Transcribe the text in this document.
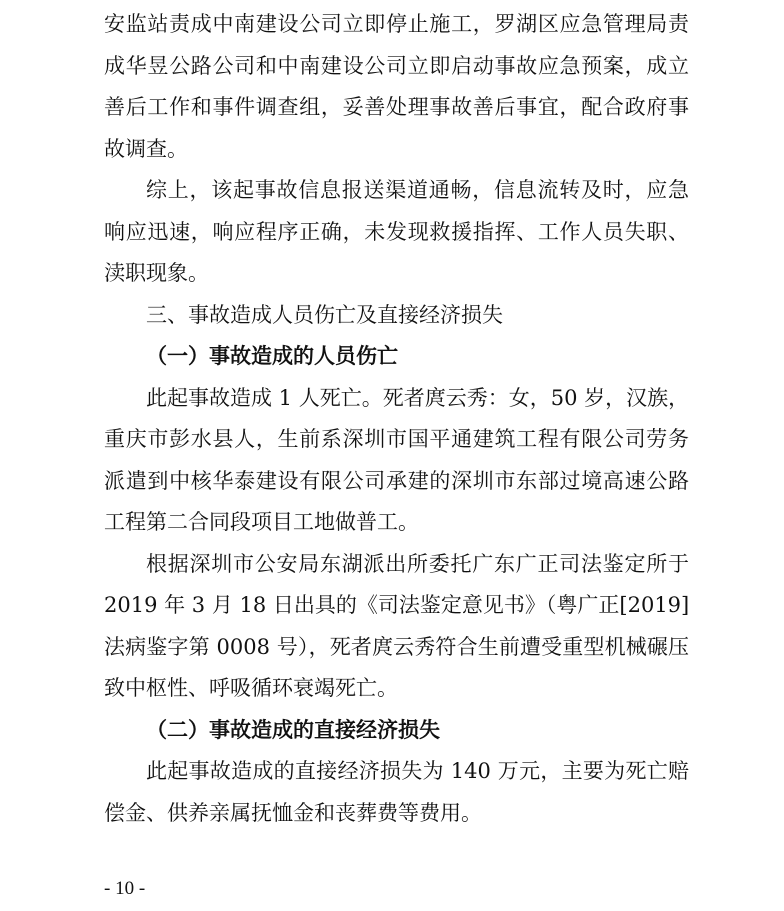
安监站责成中南建设公司立即停止施工，罗湖区应急管理局责
成华昱公路公司和中南建设公司立即启动事故应急预案，成立
善后工作和事件调查组，妥善处理事故善后事宜，配合政府事
故调查。
综上，该起事故信息报送渠道通畅，信息流转及时，应急
响应迅速，响应程序正确，未发现救援指挥、工作人员失职、
渎职现象。
三、事故造成人员伤亡及直接经济损失
（一）事故造成的人员伤亡
此起事故造成 1 人死亡。死者庹云秀：女，50 岁，汉族，
重庆市彭水县人，生前系深圳市国平通建筑工程有限公司劳务
派遣到中核华泰建设有限公司承建的深圳市东部过境高速公路
工程第二合同段项目工地做普工。
根据深圳市公安局东湖派出所委托广东广正司法鉴定所于
2019 年 3 月 18 日出具的《司法鉴定意见书》（粤广正[2019]
法病鉴字第 0008 号），死者庹云秀符合生前遭受重型机械碾压
致中枢性、呼吸循环衰竭死亡。
（二）事故造成的直接经济损失
此起事故造成的直接经济损失为 140 万元，主要为死亡赔
偿金、供养亲属抚恤金和丧葬费等费用。
- 10 -
